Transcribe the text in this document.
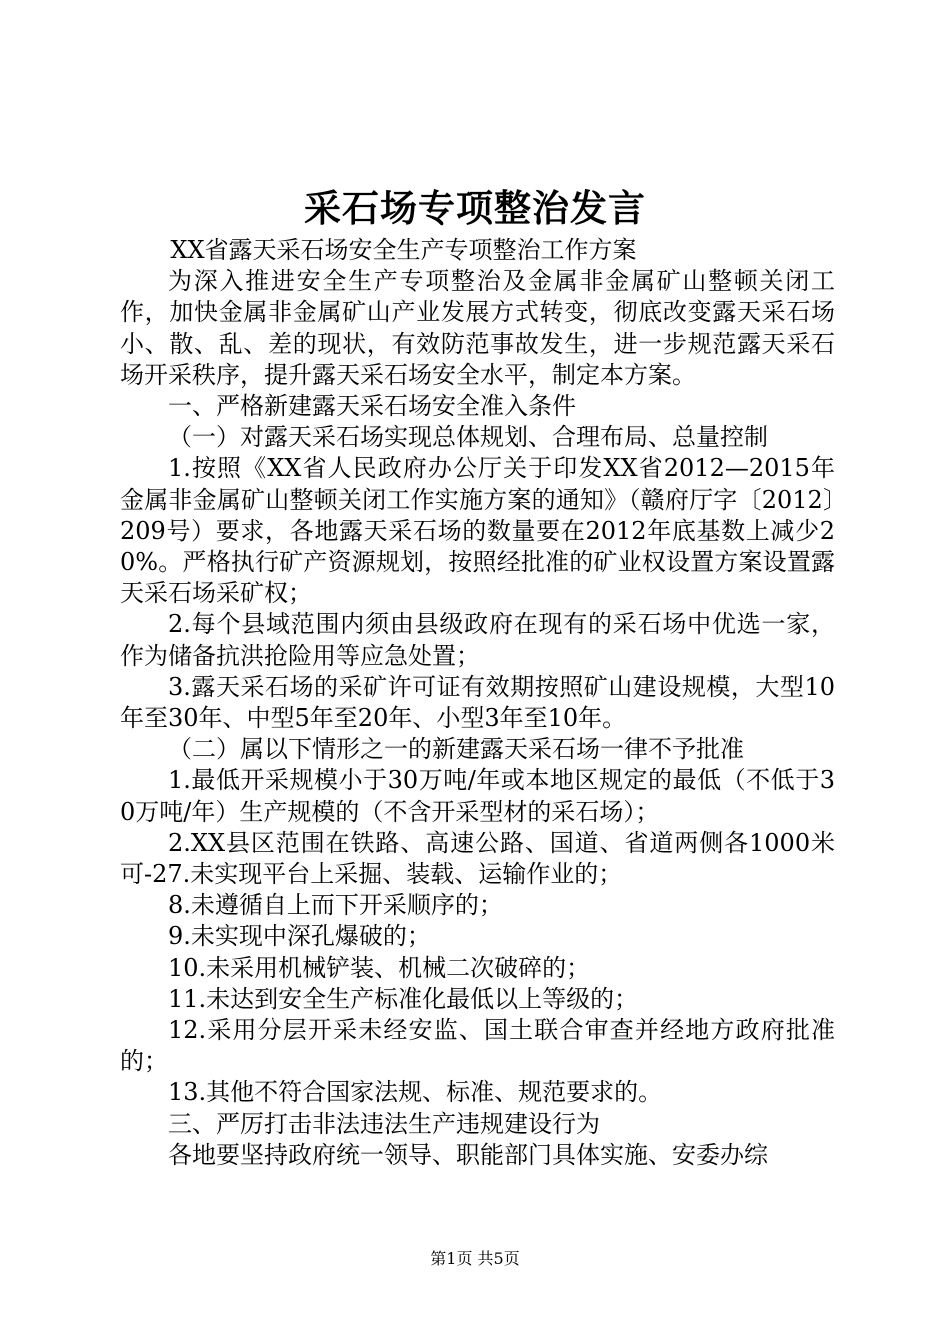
采石场专项整治发言

XX省露天采石场安全生产专项整治工作方案

为深入推进安全生产专项整治及金属非金属矿山整顿关闭工作，加快金属非金属矿山产业发展方式转变，彻底改变露天采石场小、散、乱、差的现状，有效防范事故发生，进一步规范露天采石场开采秩序，提升露天采石场安全水平，制定本方案。

一、严格新建露天采石场安全准入条件

（一）对露天采石场实现总体规划、合理布局、总量控制

1.按照《XX省人民政府办公厅关于印发XX省2012—2015年金属非金属矿山整顿关闭工作实施方案的通知》（赣府厅字〔2012〕209号）要求，各地露天采石场的数量要在2012年底基数上减少20%。严格执行矿产资源规划，按照经批准的矿业权设置方案设置露天采石场采矿权；

2.每个县域范围内须由县级政府在现有的采石场中优选一家，作为储备抗洪抢险用等应急处置；

3.露天采石场的采矿许可证有效期按照矿山建设规模，大型10年至30年、中型5年至20年、小型3年至10年。

（二）属以下情形之一的新建露天采石场一律不予批准

1.最低开采规模小于30万吨/年或本地区规定的最低（不低于30万吨/年）生产规模的（不含开采型材的采石场）；

2.XX县区范围在铁路、高速公路、国道、省道两侧各1000米可-27.未实现平台上采掘、装载、运输作业的；

8.未遵循自上而下开采顺序的；

9.未实现中深孔爆破的；

10.未采用机械铲装、机械二次破碎的；

11.未达到安全生产标准化最低以上等级的；

12.采用分层开采未经安监、国土联合审查并经地方政府批准的；

13.其他不符合国家法规、标准、规范要求的。

三、严厉打击非法违法生产违规建设行为

各地要坚持政府统一领导、职能部门具体实施、安委办综

第1页 共5页
